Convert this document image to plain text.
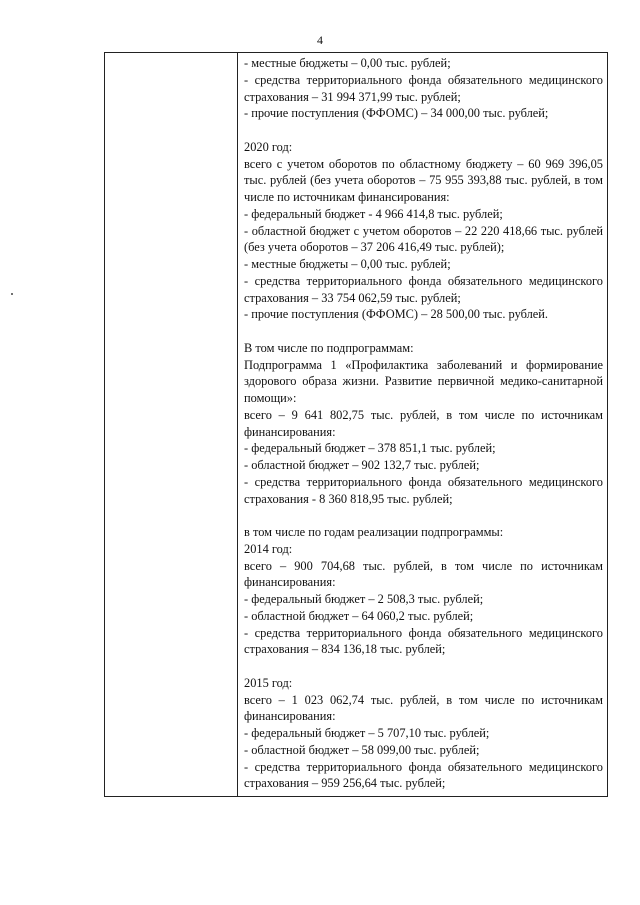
4

- местные бюджеты – 0,00 тыс. рублей;

- средства территориального фонда обязательного медицинского страхования – 31 994 371,99 тыс. рублей;

- прочие поступления (ФФОМС) – 34 000,00 тыс. рублей;

2020 год:

всего с учетом оборотов по областному бюджету – 60 969 396,05 тыс. рублей (без учета оборотов – 75 955 393,88 тыс. рублей, в том числе по источникам финансирования:

- федеральный бюджет - 4 966 414,8 тыс. рублей;

- областной бюджет с учетом оборотов – 22 220 418,66 тыс. рублей (без учета оборотов – 37 206 416,49 тыс. рублей);

- местные бюджеты – 0,00 тыс. рублей;

- средства территориального фонда обязательного медицинского страхования – 33 754 062,59 тыс. рублей;

- прочие поступления (ФФОМС) – 28 500,00 тыс. рублей.

В том числе по подпрограммам:

Подпрограмма 1 «Профилактика заболеваний и формирование здорового образа жизни. Развитие первичной медико-санитарной помощи»:

всего – 9 641 802,75 тыс. рублей, в том числе по источникам финансирования:

- федеральный бюджет – 378 851,1 тыс. рублей;

- областной бюджет – 902 132,7 тыс. рублей;

- средства территориального фонда обязательного медицинского страхования - 8 360 818,95 тыс. рублей;

в том числе по годам реализации подпрограммы:

2014 год:

всего – 900 704,68 тыс. рублей, в том числе по источникам финансирования:

- федеральный бюджет – 2 508,3 тыс. рублей;

- областной бюджет – 64 060,2 тыс. рублей;

- средства территориального фонда обязательного медицинского страхования – 834 136,18 тыс. рублей;

2015 год:

всего – 1 023 062,74 тыс. рублей, в том числе по источникам финансирования:

- федеральный бюджет – 5 707,10 тыс. рублей;

- областной бюджет – 58 099,00 тыс. рублей;

- средства территориального фонда обязательного медицинского страхования – 959 256,64 тыс. рублей;
